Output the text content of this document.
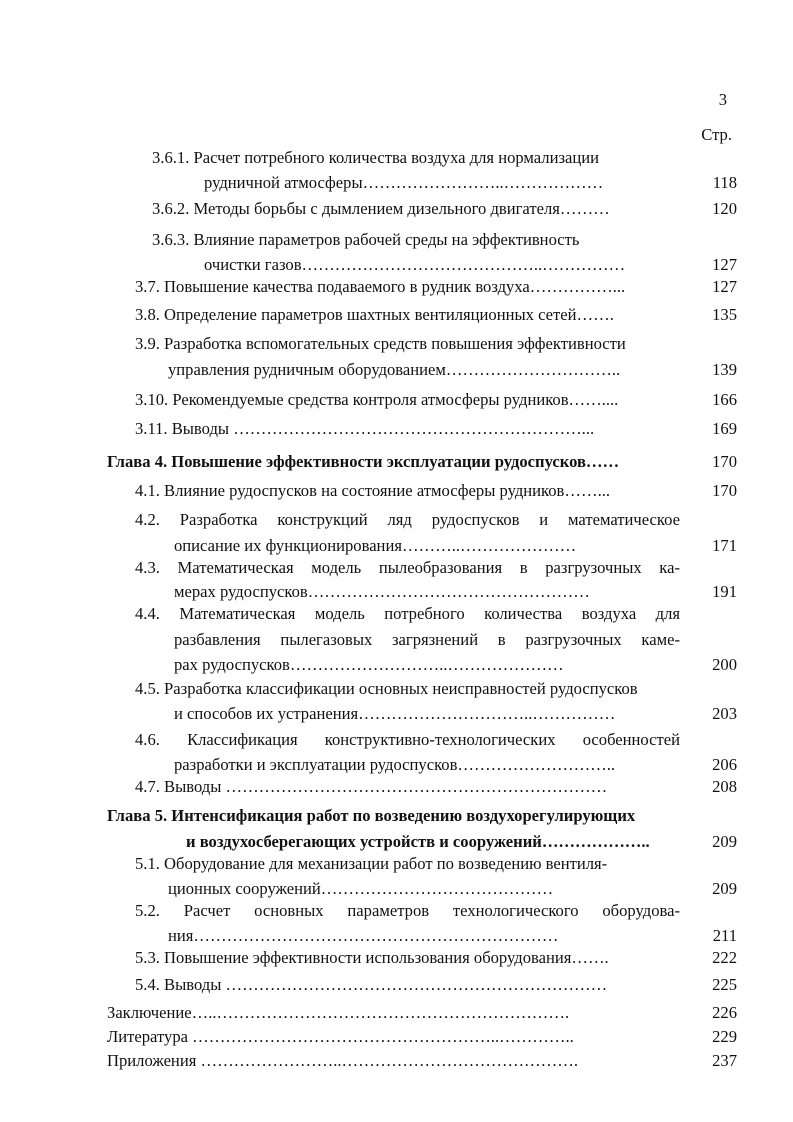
3
Стр.
3.6.1. Расчет потребного количества воздуха для нормализации
рудничной атмосферы……………………..………………	118
3.6.2. Методы борьбы с дымлением дизельного двигателя………	120
3.6.3. Влияние параметров рабочей среды на эффективность
очистки газов……………………………………..……………	127
3.7. Повышение качества подаваемого в рудник воздуха……………...	127
3.8. Определение параметров шахтных вентиляционных сетей…….	135
3.9. Разработка вспомогательных средств повышения эффективности
управления рудничным оборудованием…………………………..	139
3.10. Рекомендуемые средства контроля атмосферы рудников……....	166
3.11. Выводы ………………………………………………………...	169
Глава 4. Повышение эффективности эксплуатации рудоспусков……	170
4.1. Влияние рудоспусков на состояние атмосферы рудников……...	170
4.2. Разработка конструкций ляд рудоспусков и математическое
описание их функционирования………..…………………	171
4.3. Математическая модель пылеобразования в разгрузочных ка-
мерах рудоспусков……………………………………………	191
4.4. Математическая модель потребного количества воздуха для
разбавления пылегазовых загрязнений в разгрузочных каме-
рах рудоспусков………………………..…………………	200
4.5. Разработка классификации основных неисправностей рудоспусков
и способов их устранения…………………………..……………	203
4.6. Классификация конструктивно-технологических особенностей
разработки и эксплуатации рудоспусков………………………..	206
4.7. Выводы ……………………………………………………………	208
Глава 5. Интенсификация работ по возведению воздухорегулирующих
и воздухосберегающих устройств и сооружений………………..	209
5.1. Оборудование для механизации работ по возведению вентиля-
ционных сооружений……………………………………	209
5.2. Расчет основных параметров технологического оборудова-
ния…………………………………………………………	211
5.3. Повышение эффективности использования оборудования…….	222
5.4. Выводы ……………………………………………………………	225
Заключение…..……………………………………………………….	226
Литература ………………………………………………..…………..	229
Приложения ……………………..…………………………………….	237
